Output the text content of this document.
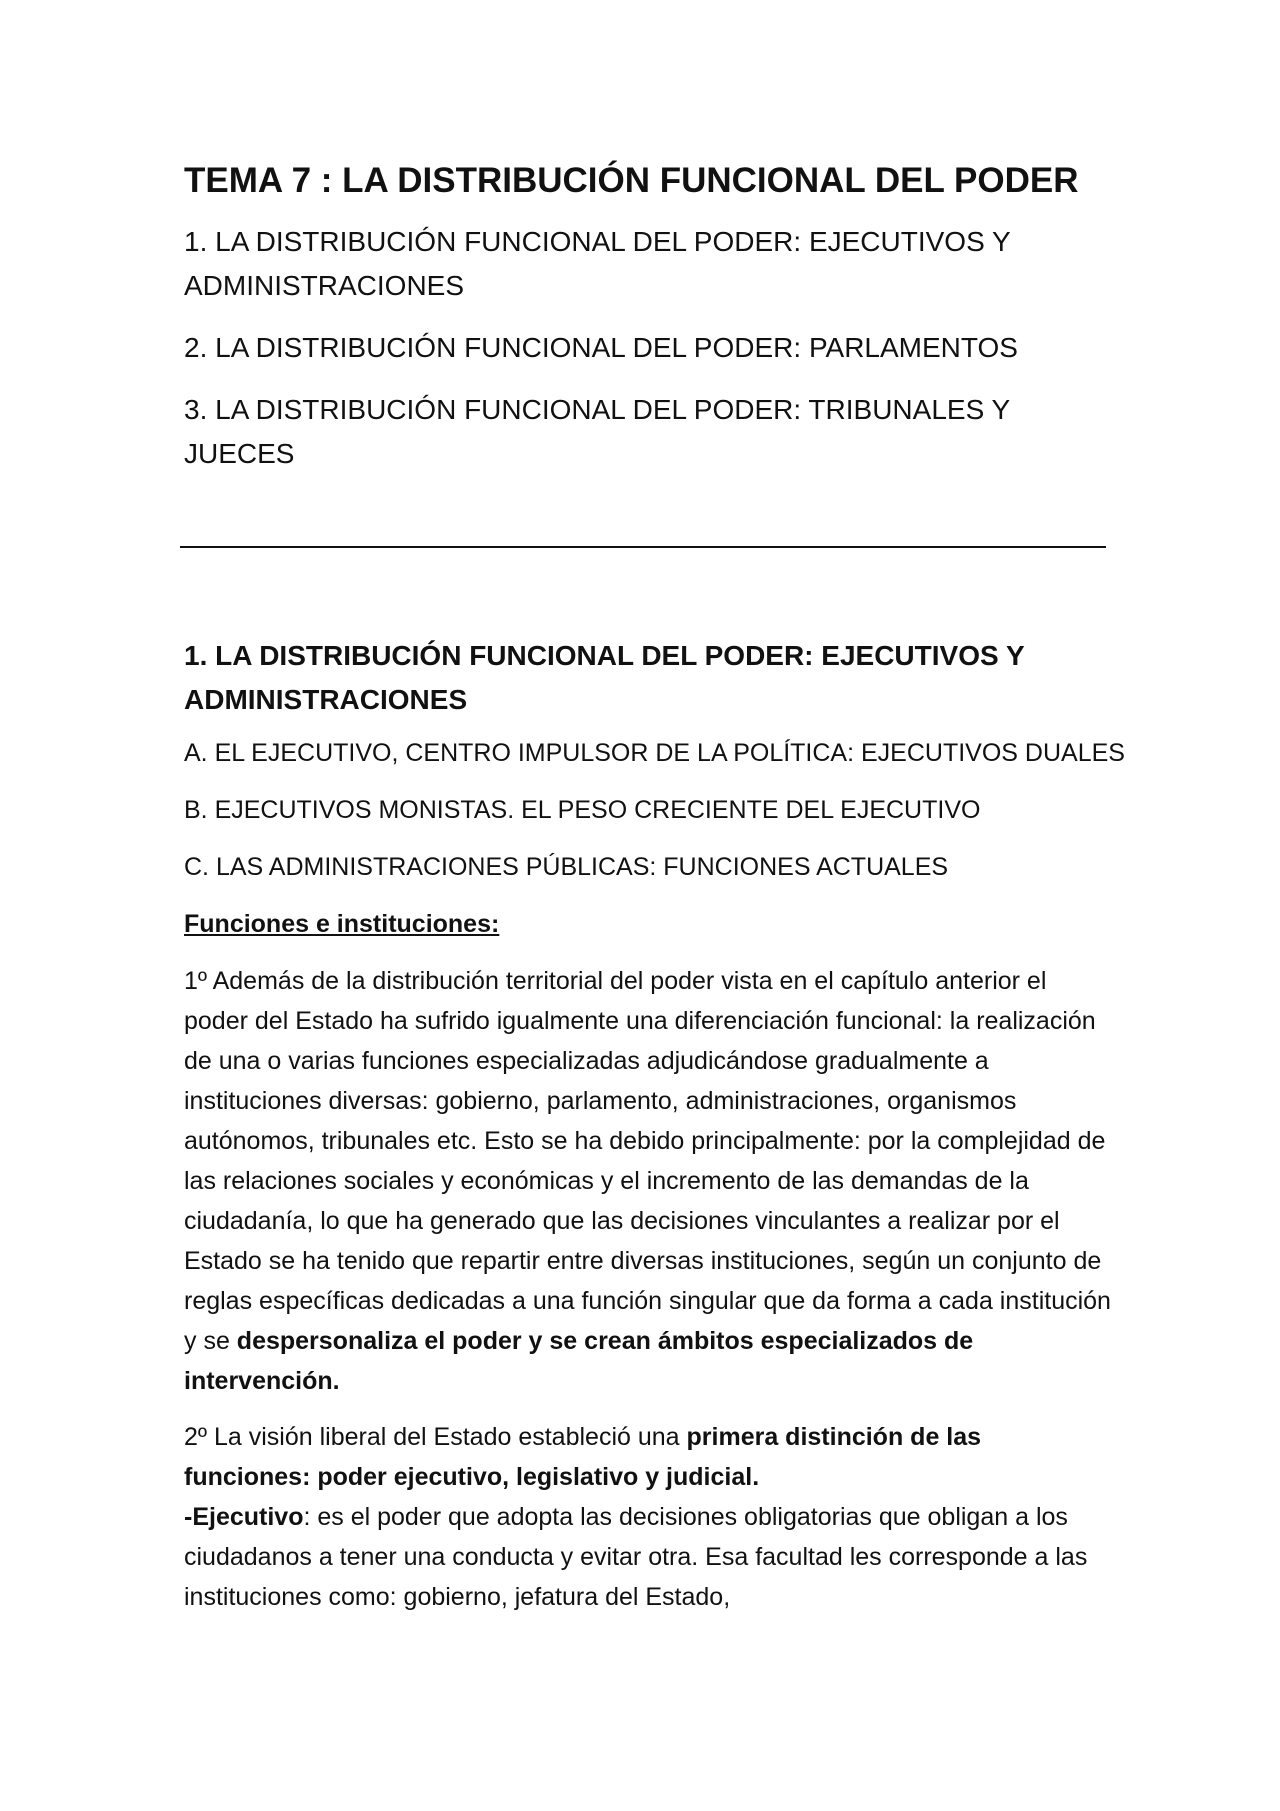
TEMA 7 : LA DISTRIBUCIÓN FUNCIONAL DEL PODER
1. LA DISTRIBUCIÓN FUNCIONAL DEL PODER: EJECUTIVOS Y ADMINISTRACIONES
2. LA DISTRIBUCIÓN FUNCIONAL DEL PODER: PARLAMENTOS
3. LA DISTRIBUCIÓN FUNCIONAL DEL PODER: TRIBUNALES Y JUECES
1. LA DISTRIBUCIÓN FUNCIONAL DEL PODER: EJECUTIVOS Y ADMINISTRACIONES
A. EL EJECUTIVO, CENTRO IMPULSOR DE LA POLÍTICA: EJECUTIVOS DUALES
B. EJECUTIVOS MONISTAS. EL PESO CRECIENTE DEL EJECUTIVO
C. LAS ADMINISTRACIONES PÚBLICAS: FUNCIONES ACTUALES
Funciones e instituciones:

1º Además de la distribución territorial del poder vista en el capítulo anterior el poder del Estado ha sufrido igualmente una diferenciación funcional: la realización de una o varias funciones especializadas adjudicándose gradualmente a instituciones diversas: gobierno, parlamento, administraciones, organismos autónomos, tribunales etc. Esto se ha debido principalmente: por la complejidad de las relaciones sociales y económicas y el incremento de las demandas de la ciudadanía, lo que ha generado que las decisiones vinculantes a realizar por el Estado se ha tenido que repartir entre diversas instituciones, según un conjunto de reglas específicas dedicadas a una función singular que da forma a cada institución y se despersonaliza el poder y se crean ámbitos especializados de intervención.

2º La visión liberal del Estado estableció una primera distinción de las funciones: poder ejecutivo, legislativo y judicial.

-Ejecutivo: es el poder que adopta las decisiones obligatorias que obligan a los ciudadanos a tener una conducta y evitar otra. Esa facultad les corresponde a las instituciones como: gobierno, jefatura del Estado,
